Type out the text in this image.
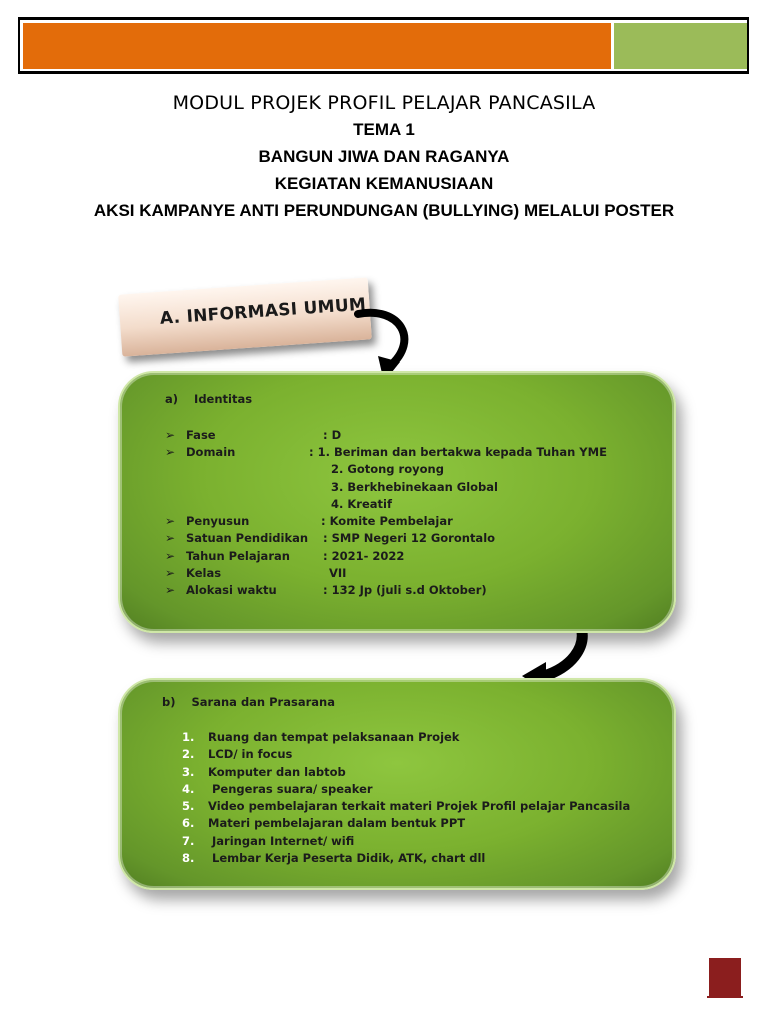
MODUL PROJEK PROFIL PELAJAR PANCASILA
TEMA 1
BANGUN JIWA DAN RAGANYA
KEGIATAN KEMANUSIAAN
AKSI KAMPANYE ANTI PERUNDUNGAN (BULLYING) MELALUI POSTER
A. INFORMASI UMUM
a) Identitas
➢ Fase	: D
➢ Domain	: 1. Beriman dan bertakwa kepada Tuhan YME
2. Gotong royong
3. Berkhebinekaan Global
4. Kreatif
➢ Penyusun	: Komite Pembelajar
➢ Satuan Pendidikan : SMP Negeri 12 Gorontalo
➢ Tahun Pelajaran	: 2021- 2022
➢ Kelas	VII
➢ Alokasi waktu	: 132 Jp (juli s.d Oktober)
b) Sarana dan Prasarana
1. Ruang dan tempat pelaksanaan Projek
2. LCD/ in focus
3. Komputer dan labtob
4. Pengeras suara/ speaker
5. Video pembelajaran terkait materi Projek Profil pelajar Pancasila
6. Materi pembelajaran dalam bentuk PPT
7. Jaringan Internet/ wifi
8. Lembar Kerja Peserta Didik, ATK, chart dll
